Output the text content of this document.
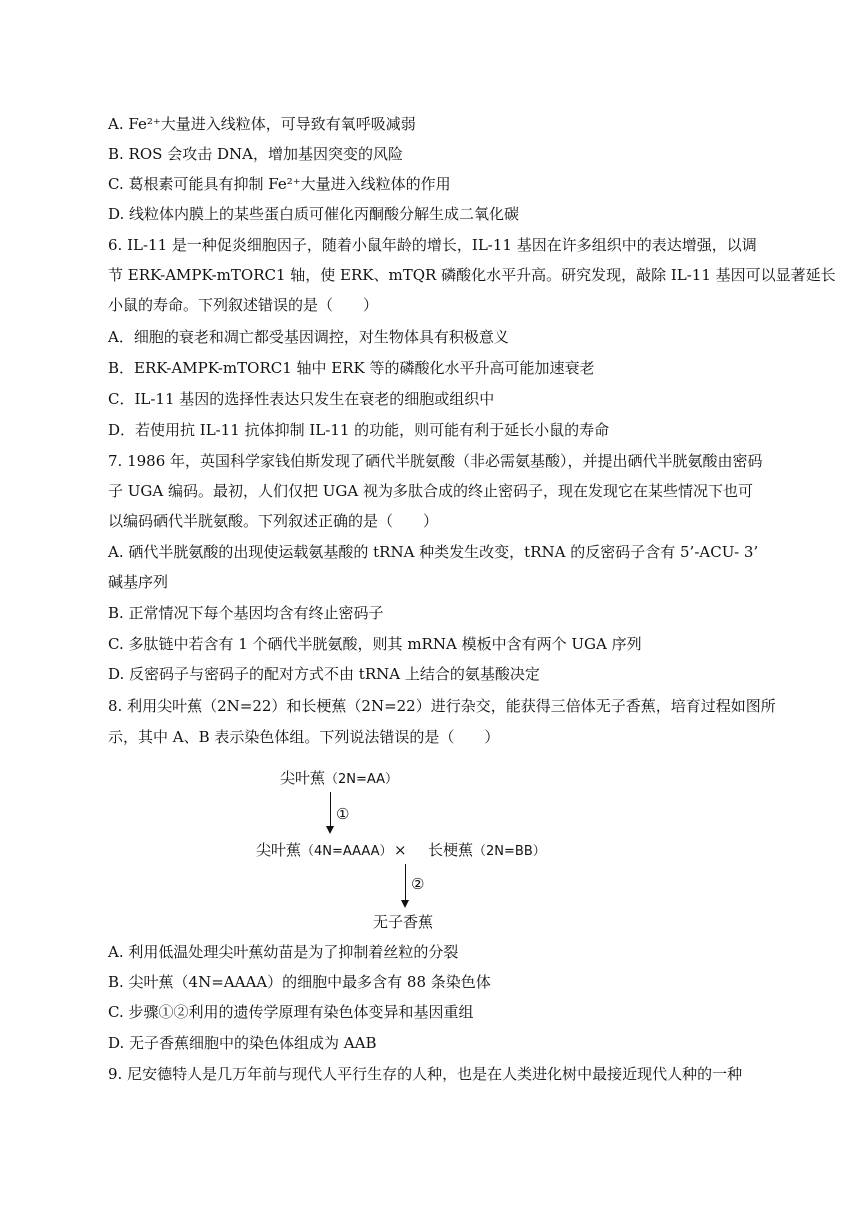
A. Fe²⁺大量进入线粒体，可导致有氧呼吸减弱
B. ROS 会攻击 DNA，增加基因突变的风险
C. 葛根素可能具有抑制 Fe²⁺大量进入线粒体的作用
D. 线粒体内膜上的某些蛋白质可催化丙酮酸分解生成二氧化碳
6. IL-11 是一种促炎细胞因子，随着小鼠年龄的增长，IL-11 基因在许多组织中的表达增强，以调
节 ERK-AMPK-mTORC1 轴，使 ERK、mTQR 磷酸化水平升高。研究发现，敲除 IL-11 基因可以显著延长
小鼠的寿命。下列叙述错误的是（　　）
A．细胞的衰老和凋亡都受基因调控，对生物体具有积极意义
B．ERK-AMPK-mTORC1 轴中 ERK 等的磷酸化水平升高可能加速衰老
C．IL-11 基因的选择性表达只发生在衰老的细胞或组织中
D．若使用抗 IL-11 抗体抑制 IL-11 的功能，则可能有利于延长小鼠的寿命
7. 1986 年，英国科学家钱伯斯发现了硒代半胱氨酸（非必需氨基酸），并提出硒代半胱氨酸由密码
子 UGA 编码。最初，人们仅把 UGA 视为多肽合成的终止密码子，现在发现它在某些情况下也可
以编码硒代半胱氨酸。下列叙述正确的是（　　）
A. 硒代半胱氨酸的出现使运载氨基酸的 tRNA 种类发生改变，tRNA 的反密码子含有 5’-ACU- 3’
碱基序列
B. 正常情况下每个基因均含有终止密码子
C. 多肽链中若含有 1 个硒代半胱氨酸，则其 mRNA 模板中含有两个 UGA 序列
D. 反密码子与密码子的配对方式不由 tRNA 上结合的氨基酸决定
8. 利用尖叶蕉（2N=22）和长梗蕉（2N=22）进行杂交，能获得三倍体无子香蕉，培育过程如图所
示，其中 A、B 表示染色体组。下列说法错误的是（　　）
尖叶蕉（2N=AA）
①
尖叶蕉（4N=AAAA） × 长梗蕉（2N=BB）
②
无子香蕉
A. 利用低温处理尖叶蕉幼苗是为了抑制着丝粒的分裂
B. 尖叶蕉（4N=AAAA）的细胞中最多含有 88 条染色体
C. 步骤①②利用的遗传学原理有染色体变异和基因重组
D. 无子香蕉细胞中的染色体组成为 AAB
9. 尼安德特人是几万年前与现代人平行生存的人种，也是在人类进化树中最接近现代人种的一种
